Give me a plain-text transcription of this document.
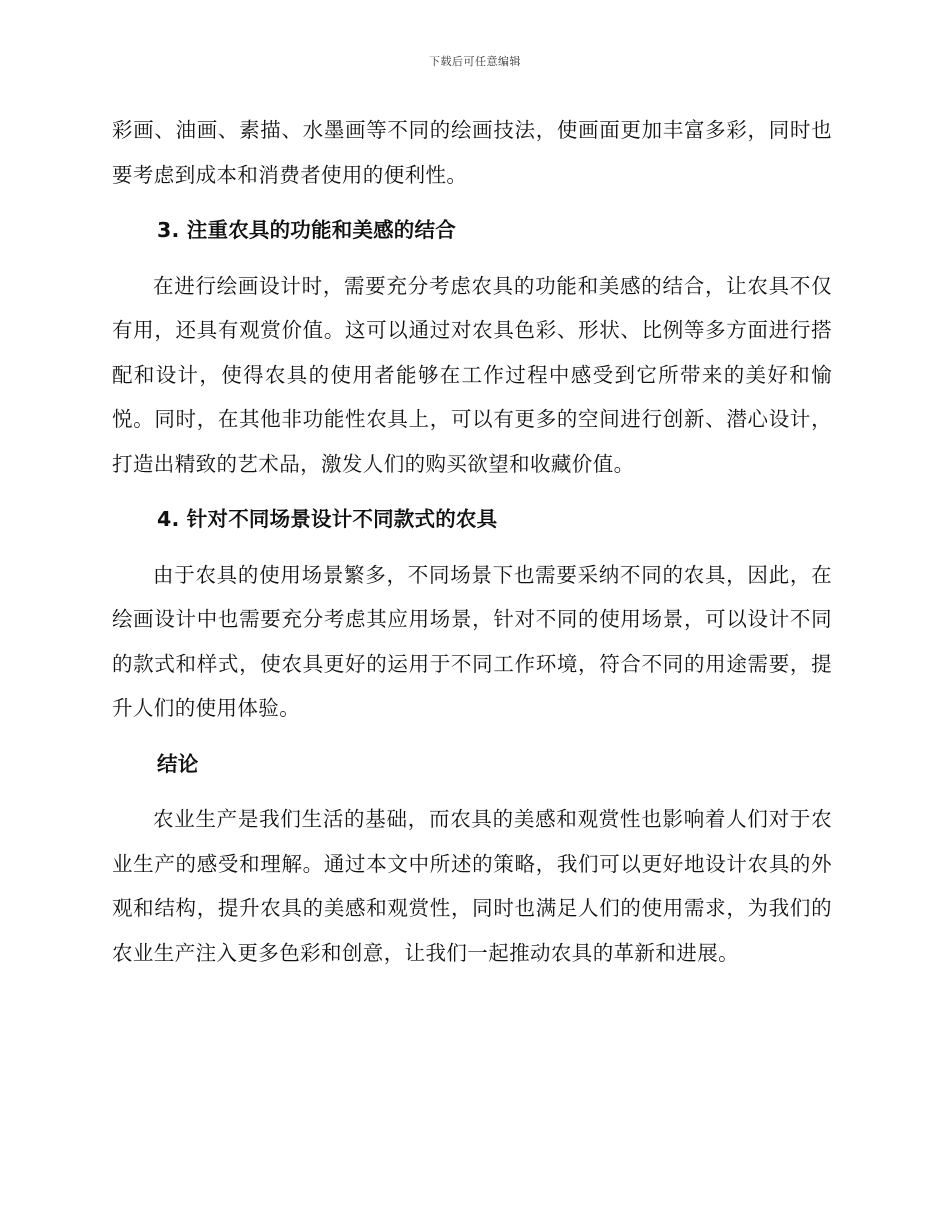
下载后可任意编辑

彩画、油画、素描、水墨画等不同的绘画技法，使画面更加丰富多彩，同时也要考虑到成本和消费者使用的便利性。

3. 注重农具的功能和美感的结合

在进行绘画设计时，需要充分考虑农具的功能和美感的结合，让农具不仅有用，还具有观赏价值。这可以通过对农具色彩、形状、比例等多方面进行搭配和设计，使得农具的使用者能够在工作过程中感受到它所带来的美好和愉悦。同时，在其他非功能性农具上，可以有更多的空间进行创新、潜心设计，打造出精致的艺术品，激发人们的购买欲望和收藏价值。

4. 针对不同场景设计不同款式的农具

由于农具的使用场景繁多，不同场景下也需要采纳不同的农具，因此，在绘画设计中也需要充分考虑其应用场景，针对不同的使用场景，可以设计不同的款式和样式，使农具更好的运用于不同工作环境，符合不同的用途需要，提升人们的使用体验。

结论

农业生产是我们生活的基础，而农具的美感和观赏性也影响着人们对于农业生产的感受和理解。通过本文中所述的策略，我们可以更好地设计农具的外观和结构，提升农具的美感和观赏性，同时也满足人们的使用需求，为我们的农业生产注入更多色彩和创意，让我们一起推动农具的革新和进展。
